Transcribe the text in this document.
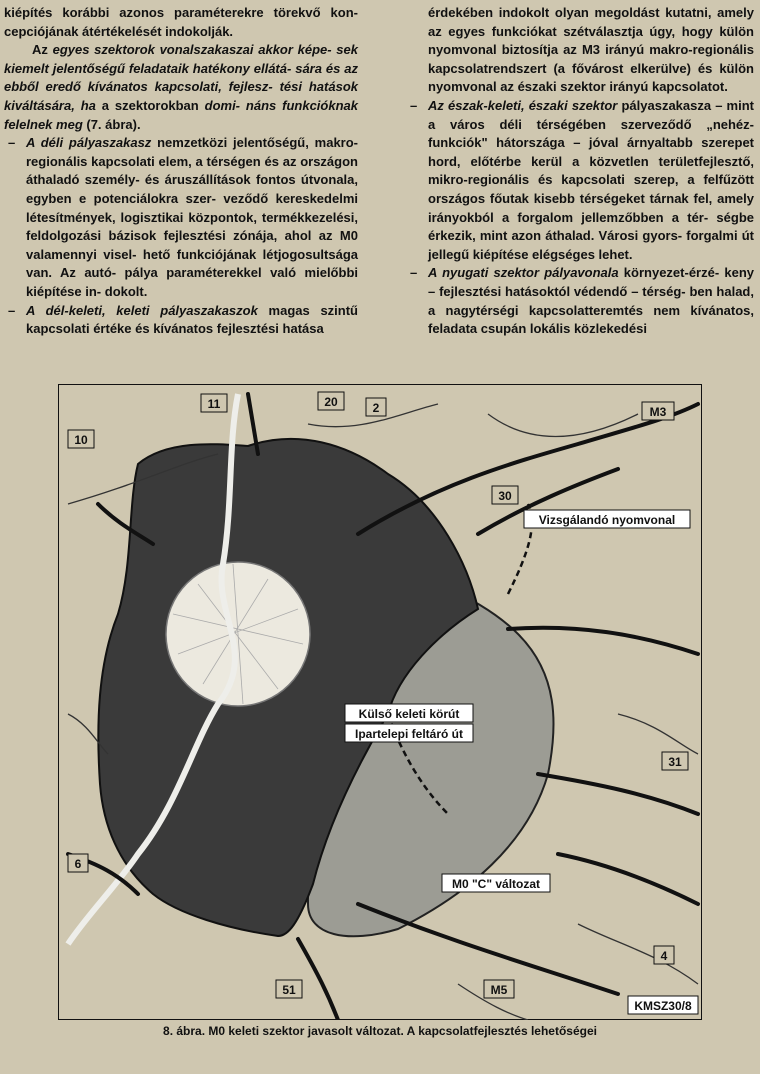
kiépítés korábbi azonos paraméterekre törekvő kon- cepciójának átértékelését indokolják.

Az egyes szektorok vonalszakaszai akkor képe- sek kiemelt jelentőségű feladataik hatékony ellátá- sára és az ebből eredő kívánatos kapcsolati, fejlesz- tési hatások kiváltására, ha a szektorokban domi- náns funkcióknak felelnek meg (7. ábra).

– A déli pályaszakasz nemzetközi jelentőségű, makro-regionális kapcsolati elem, a térségen és az országon áthaladó személy- és áruszállítások fontos útvonala, egyben e potenciálokra szer- veződő kereskedelmi létesítmények, logisztikai központok, termékkezelési, feldolgozási bázisok fejlesztési zónája, ahol az M0 valamennyi visel- hető funkciójának létjogosultsága van. Az autó- pálya paraméterekkel való mielőbbi kiépítése in- dokolt.

– A dél-keleti, keleti pályaszakaszok magas szintű kapcsolati értéke és kívánatos fejlesztési hatása

érdekében indokolt olyan megoldást kutatni, amely az egyes funkciókat szétválasztja úgy, hogy külön nyomvonal biztosítja az M3 irányú makro-regionális kapcsolatrendszert (a fővárost elkerülve) és külön nyomvonal az északi szektor irányú kapcsolatot.

– Az észak-keleti, északi szektor pályaszakasza – mint a város déli térségében szerveződő „nehéz- funkciók" hátországa – jóval árnyaltabb szerepet hord, előtérbe kerül a közvetlen területfejlesztő, mikro-regionális és kapcsolati szerep, a felfűzött országos főutak kisebb térségeket tárnak fel, amely irányokból a forgalom jellemzőbben a tér- ségbe érkezik, mint azon áthalad. Városi gyors- forgalmi út jellegű kiépítése elégséges lehet.

– A nyugati szektor pályavonala környezet-érzé- keny – fejlesztési hatásoktól védendő – térség- ben halad, a nagytérségi kapcsolatteremtés nem kívánatos, feladata csupán lokális közlekedési

11	20	2
10
M3
30
31
6
4
51	M5
Vizsgálandó nyomvonal
Külső keleti körút
Ipartelepi feltáró út
M0 "C" változat
KMSZ30/8
8. ábra. M0 keleti szektor javasolt változat. A kapcsolatfejlesztés lehetőségei
